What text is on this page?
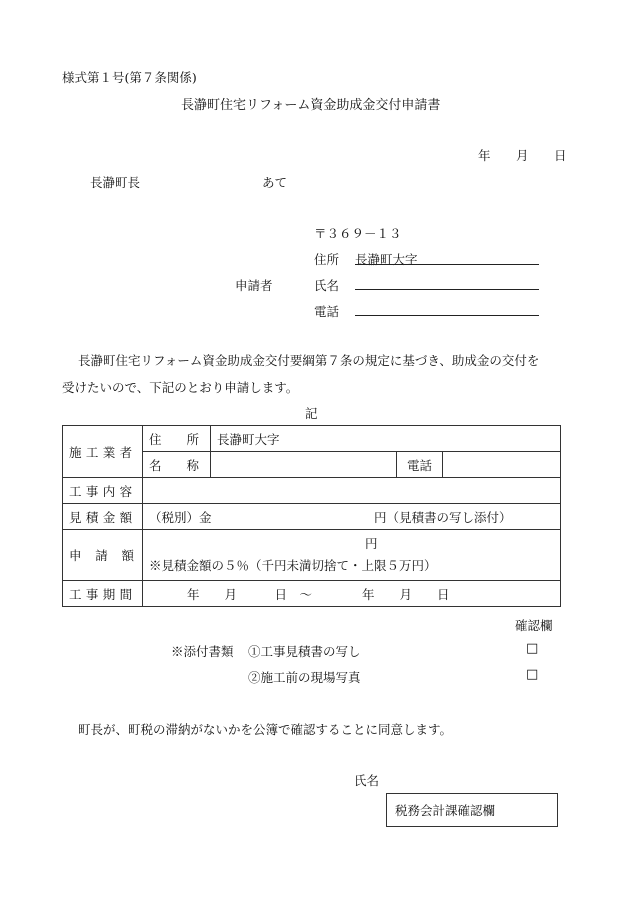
様式第１号(第７条関係)
長瀞町住宅リフォーム資金助成金交付申請書
年 月 日
長瀞町長	あて
〒３６９－１３
住所 長瀞町大字
申請者	氏名
電話
長瀞町住宅リフォーム資金助成金交付要綱第７条の規定に基づき、助成金の交付を
受けたいので、下記のとおり申請します。
記
施工業者	住　　所	長瀞町大字		
	名　　称		電話	
工事内容				
見積金額	（税別）金　　　　　　　　　　　　　円（見積書の写し添付）			
申請額	円
※見積金額の５％（千円未満切捨て・上限５万円）			

工事期間	年　　月　　　日　～　　　　年　　月　　日			
確認欄
※添付書類 ①工事見積書の写し	□
②施工前の現場写真	□
町長が、町税の滞納がないかを公簿で確認することに同意します。
氏名
税務会計課確認欄
